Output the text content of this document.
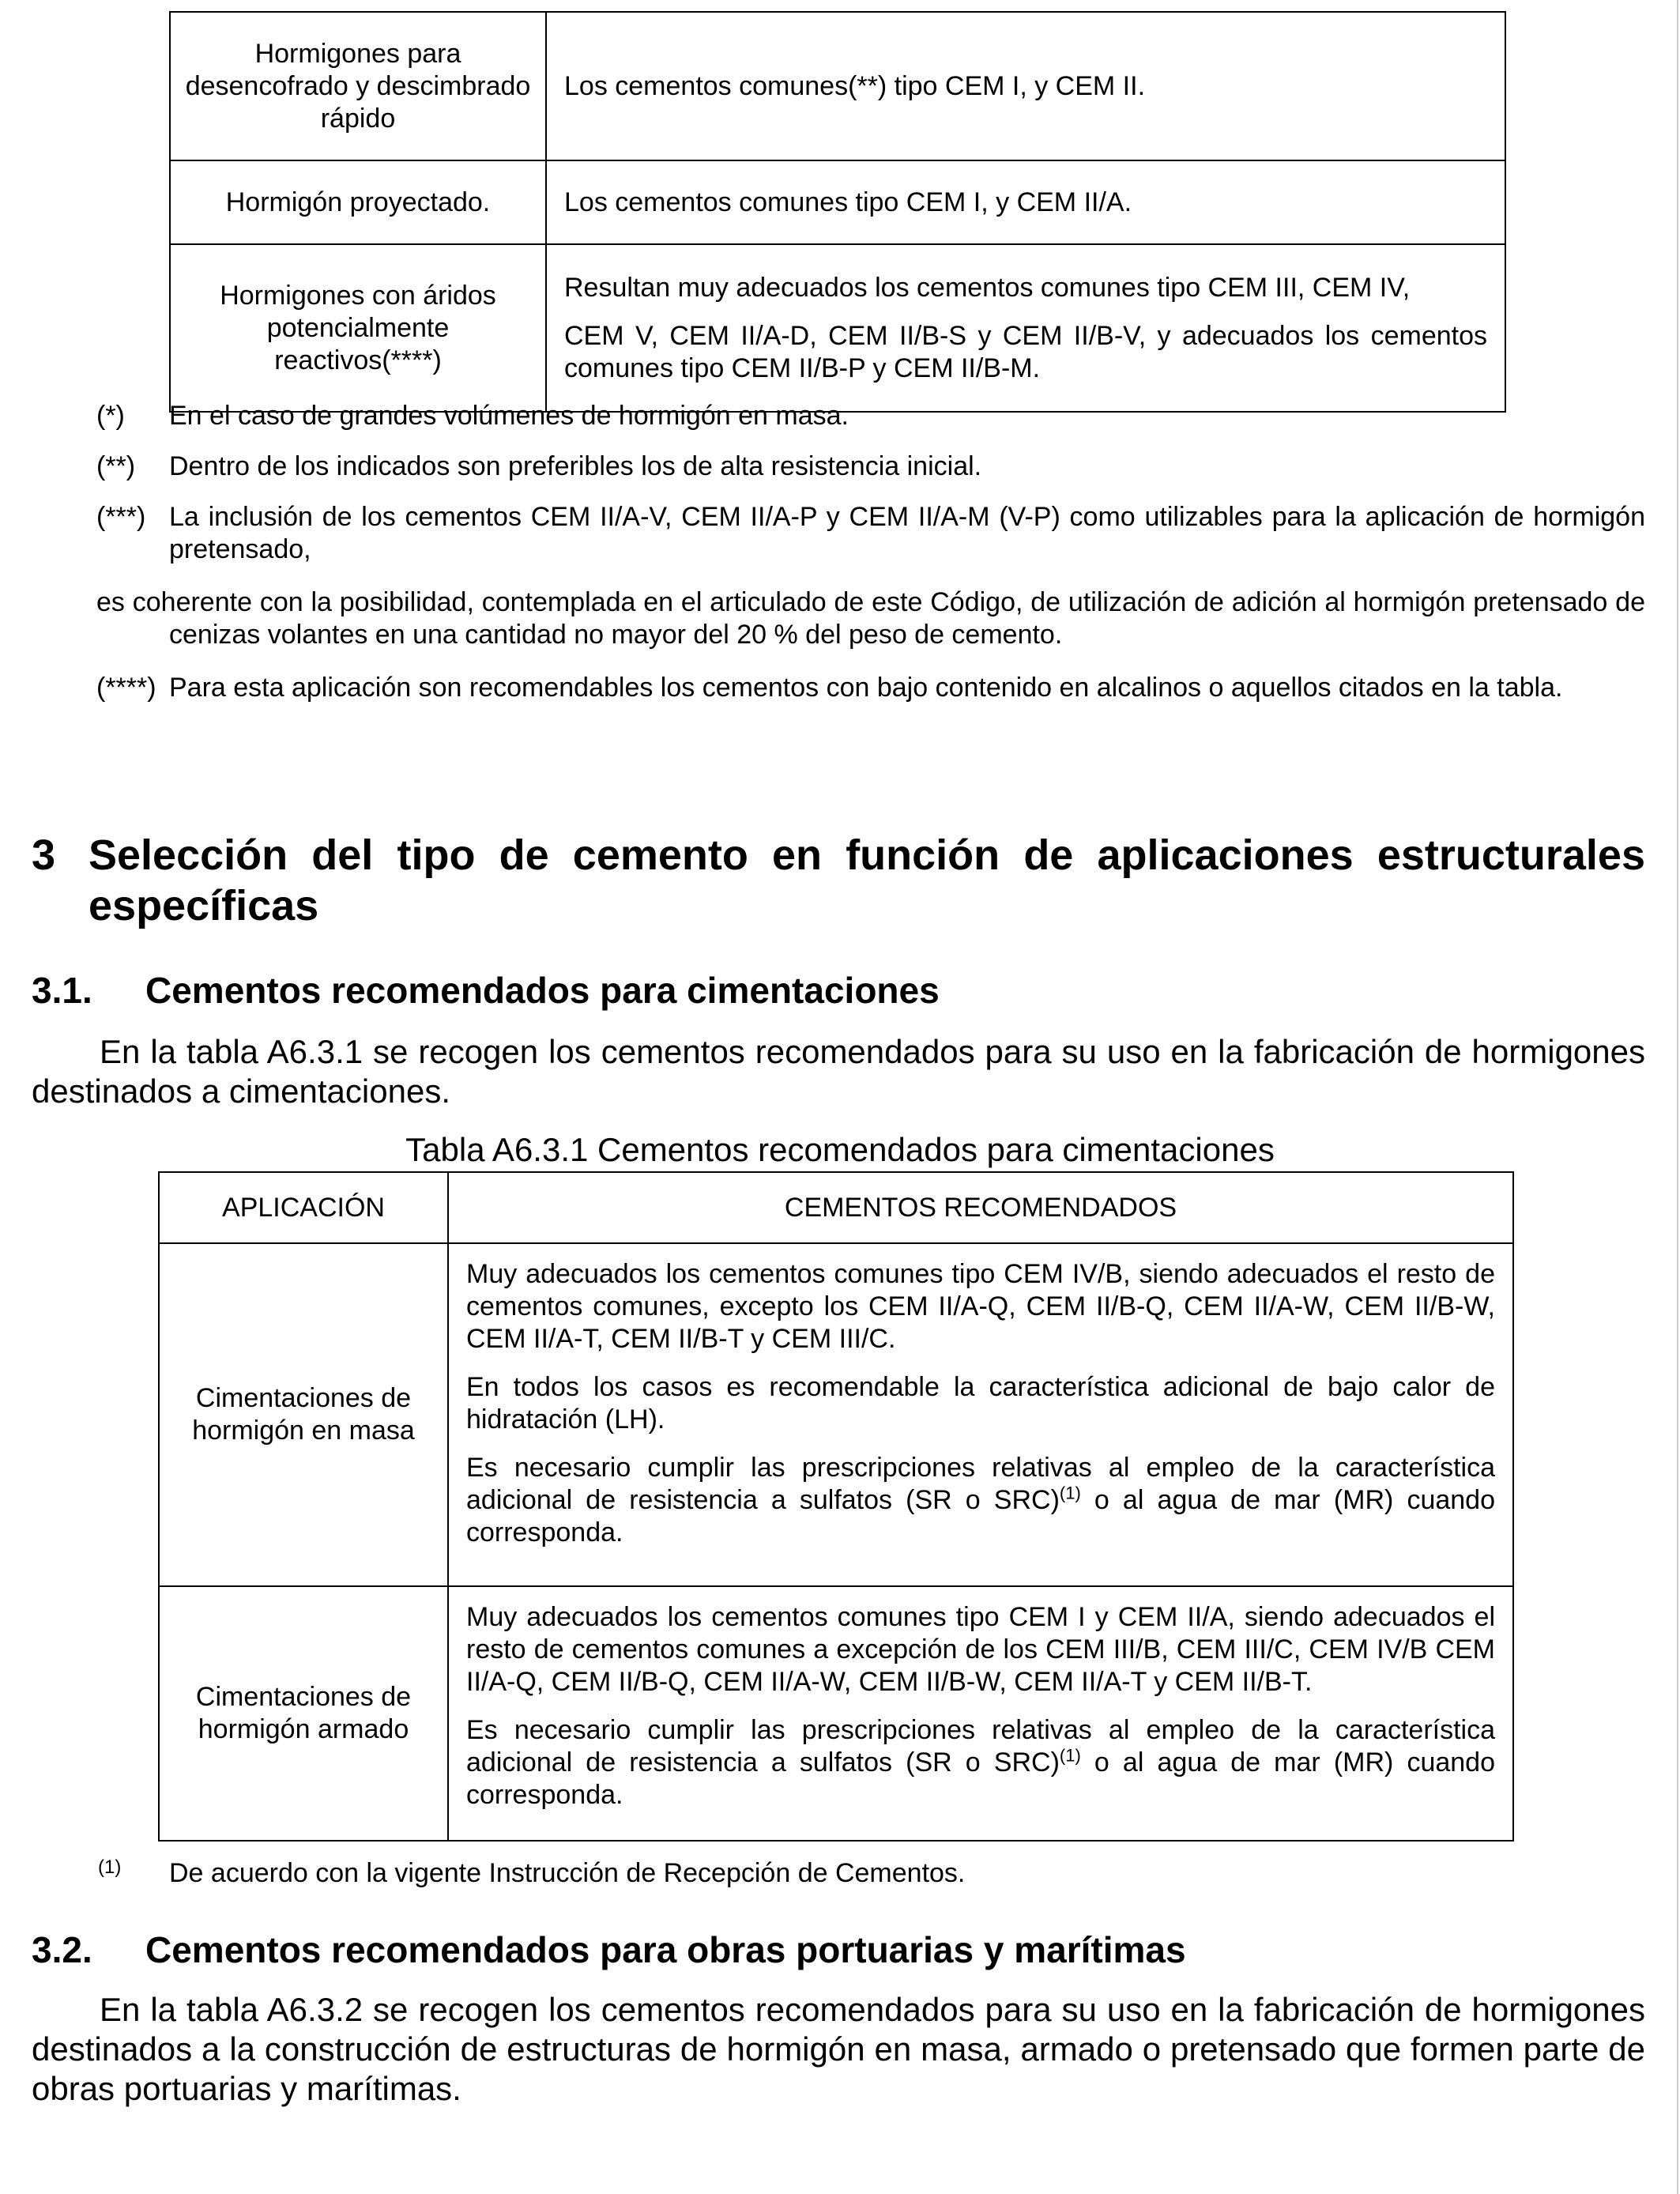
Hormigones para desencofrado y descimbrado rápido	Los cementos comunes(**) tipo CEM I, y CEM II.

Hormigón proyectado.	Los cementos comunes tipo CEM I, y CEM II/A.

Hormigones con áridos potencialmente reactivos(****)	Resultan muy adecuados los cementos comunes tipo CEM III, CEM IV,

CEM V, CEM II/A-D, CEM II/B-S y CEM II/B-V, y adecuados los cementos comunes tipo CEM II/B-P y CEM II/B-M.

(*)	En el caso de grandes volúmenes de hormigón en masa.
(**)	Dentro de los indicados son preferibles los de alta resistencia inicial.
(***) La inclusión de los cementos CEM II/A-V, CEM II/A-P y CEM II/A-M (V-P) como utilizables para la aplicación de hormigón pretensado,
es coherente con la posibilidad, contemplada en el articulado de este Código, de utilización de adición al hormigón pretensado de cenizas volantes en una cantidad no mayor del 20 % del peso de cemento.
(****) Para esta aplicación son recomendables los cementos con bajo contenido en alcalinos o aquellos citados en la tabla.
3 Selección del tipo de cemento en función de aplicaciones estructurales específicas
3.1. Cementos recomendados para cimentaciones
En la tabla A6.3.1 se recogen los cementos recomendados para su uso en la fabricación de hormigones destinados a cimentaciones.
Tabla A6.3.1 Cementos recomendados para cimentaciones
APLICACIÓN	CEMENTOS RECOMENDADOS
Cimentaciones de hormigón en masa	Muy adecuados los cementos comunes tipo CEM IV/B, siendo adecuados el resto de cementos comunes, excepto los CEM II/A-Q, CEM II/B-Q, CEM II/A-W, CEM II/B-W, CEM II/A-T, CEM II/B-T y CEM III/C.

En todos los casos es recomendable la característica adicional de bajo calor de hidratación (LH).

Es necesario cumplir las prescripciones relativas al empleo de la característica adicional de resistencia a sulfatos (SR o SRC)$^{(1)}$ o al agua de mar (MR) cuando corresponda.

Cimentaciones de hormigón armado	Muy adecuados los cementos comunes tipo CEM I y CEM II/A, siendo adecuados el resto de cementos comunes a excepción de los CEM III/B, CEM III/C, CEM IV/B CEM II/A-Q, CEM II/B-Q, CEM II/A-W, CEM II/B-W, CEM II/A-T y CEM II/B-T.

Es necesario cumplir las prescripciones relativas al empleo de la característica adicional de resistencia a sulfatos (SR o SRC)$^{(1)}$ o al agua de mar (MR) cuando corresponda.

(1)	De acuerdo con la vigente Instrucción de Recepción de Cementos.
3.2. Cementos recomendados para obras portuarias y marítimas
En la tabla A6.3.2 se recogen los cementos recomendados para su uso en la fabricación de hormigones destinados a la construcción de estructuras de hormigón en masa, armado o pretensado que formen parte de obras portuarias y marítimas.
